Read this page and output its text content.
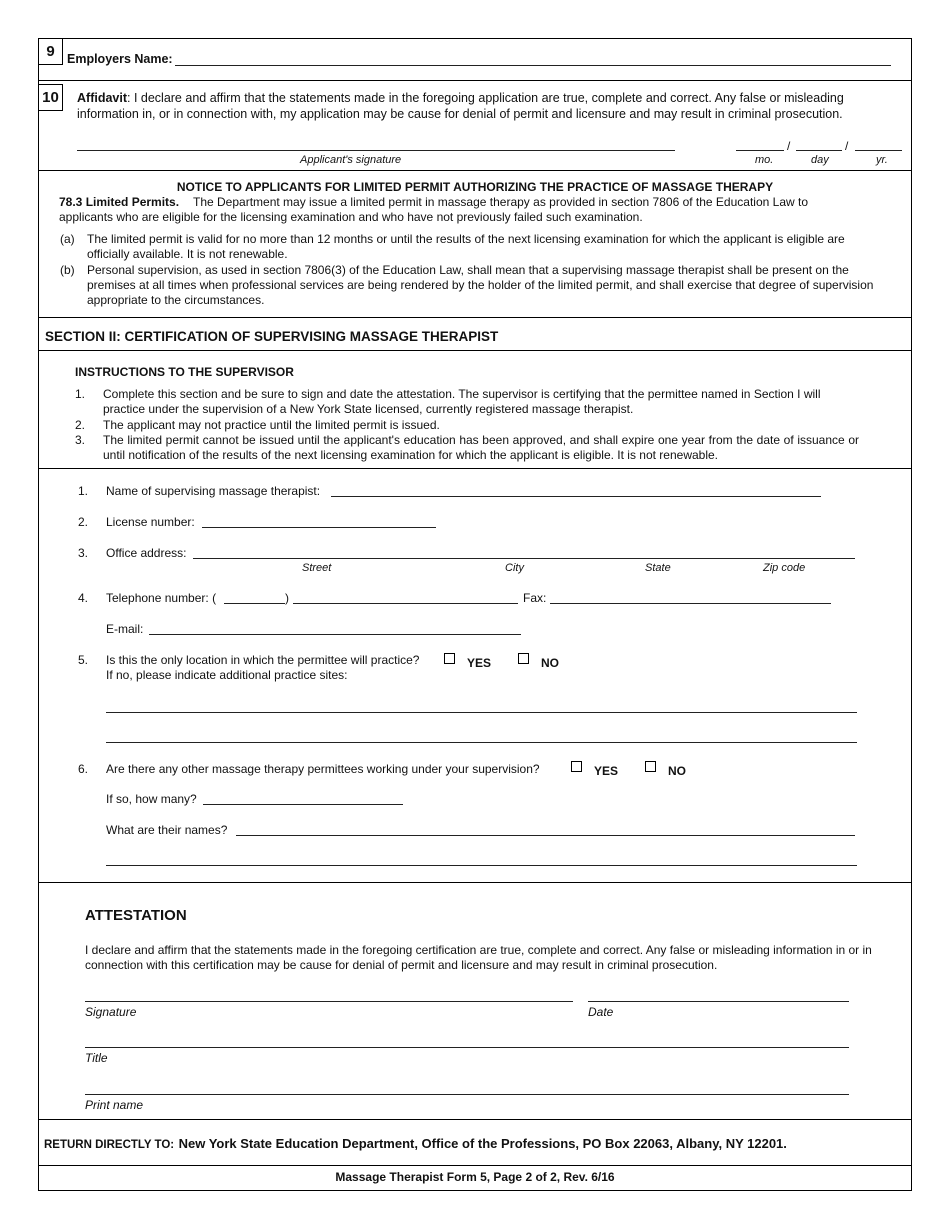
9 Employers Name:
10	Affidavit: I declare and affirm that the statements made in the foregoing application are true, complete and correct. Any false or misleading information in, or in connection with, my application may be cause for denial of permit and licensure and may result in criminal prosecution.
Applicant's signature
/	/
mo.	day	yr.
NOTICE TO APPLICANTS FOR LIMITED PERMIT AUTHORIZING THE PRACTICE OF MASSAGE THERAPY
78.3 Limited Permits.	The Department may issue a limited permit in massage therapy as provided in section 7806 of the Education Law to applicants who are eligible for the licensing examination and who have not previously failed such examination.
(a) The limited permit is valid for no more than 12 months or until the results of the next licensing examination for which the applicant is eligible are officially available. It is not renewable.
(b) Personal supervision, as used in section 7806(3) of the Education Law, shall mean that a supervising massage therapist shall be present on the premises at all times when professional services are being rendered by the holder of the limited permit, and shall exercise that degree of supervision appropriate to the circumstances.
SECTION II: CERTIFICATION OF SUPERVISING MASSAGE THERAPIST
INSTRUCTIONS TO THE SUPERVISOR
1. Complete this section and be sure to sign and date the attestation. The supervisor is certifying that the permittee named in Section I will practice under the supervision of a New York State licensed, currently registered massage therapist.
2. The applicant may not practice until the limited permit is issued.
3. The limited permit cannot be issued until the applicant's education has been approved, and shall expire one year from the date of issuance or until notification of the results of the next licensing examination for which the applicant is eligible. It is not renewable.
1. Name of supervising massage therapist:
2. License number:
3. Office address:
Street	City	State	Zip code
4. Telephone number: (	)	Fax:
E-mail:
5. Is this the only location in which the permittee will practice?	YES	NO
If no, please indicate additional practice sites:
6. Are there any other massage therapy permittees working under your supervision?	YES	NO
If so, how many?
What are their names?
ATTESTATION
I declare and affirm that the statements made in the foregoing certification are true, complete and correct. Any false or misleading information in or in connection with this certification may be cause for denial of permit and licensure and may result in criminal prosecution.
Signature	Date
Title
Print name
RETURN DIRECTLY TO: New York State Education Department, Office of the Professions, PO Box 22063, Albany, NY 12201.
Massage Therapist Form 5, Page 2 of 2, Rev. 6/16
